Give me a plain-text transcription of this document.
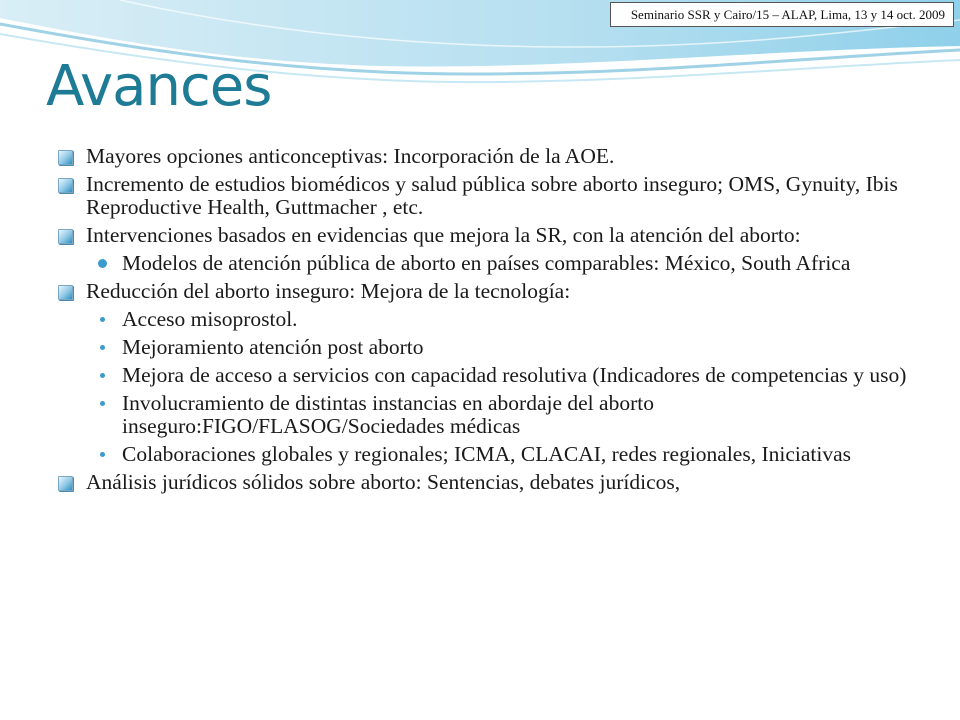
Seminario SSR y Cairo/15 – ALAP, Lima, 13 y 14 oct. 2009
Avances
Mayores opciones anticonceptivas: Incorporación de la AOE.
Incremento de estudios biomédicos y salud pública sobre aborto inseguro; OMS, Gynuity, Ibis Reproductive Health, Guttmacher , etc.
Intervenciones basados en evidencias que mejora la SR, con la atención del aborto:
Modelos de atención pública de aborto en países comparables: México, South Africa
Reducción del aborto inseguro: Mejora de la tecnología:
Acceso misoprostol.
Mejoramiento atención post aborto
Mejora de acceso a servicios con capacidad resolutiva (Indicadores de competencias y uso)
Involucramiento de distintas instancias en abordaje del aborto inseguro:FIGO/FLASOG/Sociedades médicas
Colaboraciones globales y regionales; ICMA, CLACAI, redes regionales, Iniciativas
Análisis jurídicos sólidos sobre aborto: Sentencias, debates jurídicos,
